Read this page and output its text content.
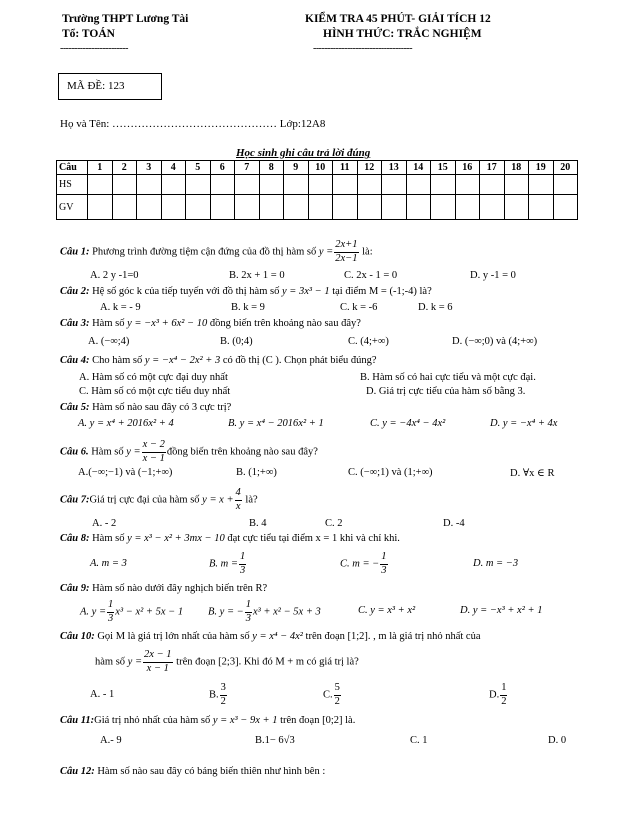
Trường THPT Lương Tài
Tổ: TOÁN
------------------------
KIỂM TRA 45 PHÚT- GIẢI TÍCH 12
HÌNH THỨC: TRẮC NGHIỆM
-----------------------------------
MÃ ĐỀ: 123
Họ và Tên: ……………………………………… Lớp:12A8
Học sinh ghi câu trả lời đúng
Câu	1	2	3	4	5	6	7	8	9	10	11	12	13	14	15	16	17	18	19	20
HS																				
GV																				
Câu 1: Phương trình đường tiệm cận đứng của đồ thị hàm số $y = \frac{2x+1}{2x-1}$ là:
A. 2 y -1=0	B. 2x + 1 = 0	C. 2x - 1 = 0	D. y -1 = 0
Câu 2: Hệ số góc k của tiếp tuyến với đồ thị hàm số y = 3x³ − 1 tại điểm M = (-1;-4) là?
A. k = - 9	B. k = 9	C. k = -6	D. k = 6
Câu 3: Hàm số y = −x³ + 6x² − 10 đồng biến trên khoảng nào sau đây?
A. (−∞;4)	B. (0;4)	C. (4;+∞)	D. (−∞;0) và (4;+∞)
Câu 4: Cho hàm số y = −x⁴ − 2x² + 3 có đồ thị (C ). Chọn phát biểu đúng?
A. Hàm số có một cực đại duy nhất	B. Hàm số có hai cực tiểu và một cực đại.
C. Hàm số có một cực tiểu duy nhất	D. Giá trị cực tiểu của hàm số bằng 3.
Câu 5: Hàm số nào sau đây có 3 cực trị?
A. y = x⁴ + 2016x² + 4	B. y = x⁴ − 2016x² + 1	C. y = −4x⁴ − 4x²	D. y = −x⁴ + 4x
Câu 6. Hàm số $y = \frac{x - 2}{x - 1}$ đồng biến trên khoảng nào sau đây?
A.(−∞;−1) và (−1;+∞)	B. (1;+∞)	C. (−∞;1) và (1;+∞)	D. ∀x ∈ R
Câu 7:Giá trị cực đại của hàm số $y = x + \frac{4}{x}$ là?
A. - 2	B. 4	C. 2	D. -4
Câu 8: Hàm số y = x³ − x² + 3mx − 10 đạt cực tiểu tại điểm x = 1 khi và chỉ khi.
A. m = 3	B. $m = \frac{1}{3}$	C. m = − $\frac{1}{3}$	D. m = −3
Câu 9: Hàm số nào dưới đây nghịch biến trên R?
A. $y = \frac{1}{3} x^3 - x^2 + 5x - 1$ B. y = − $\frac{1}{3} x^3 + x^2 - 5x + 3$	C. y = x³ + x²	D. y = −x³ + x² + 1
Câu 10: Gọi M là giá trị lớn nhất của hàm số y = x⁴ − 4x² trên đoạn [1;2]. , m là giá trị nhỏ nhất của
hàm số $y = \frac{2x - 1}{x - 1}$ trên đoạn [2;3]. Khi đó M + m có giá trị là?
A. - 1	B. $\frac{3}{2}$	C. $\frac{5}{2}$	D. $\frac{1}{2}$
Câu 11:Giá trị nhỏ nhất của hàm số y = x³ − 9x + 1 trên đoạn [0;2] là.
A.- 9	B.1− 6√3	C. 1	D. 0
Câu 12: Hàm số nào sau đây có bảng biến thiên như hình bên :
